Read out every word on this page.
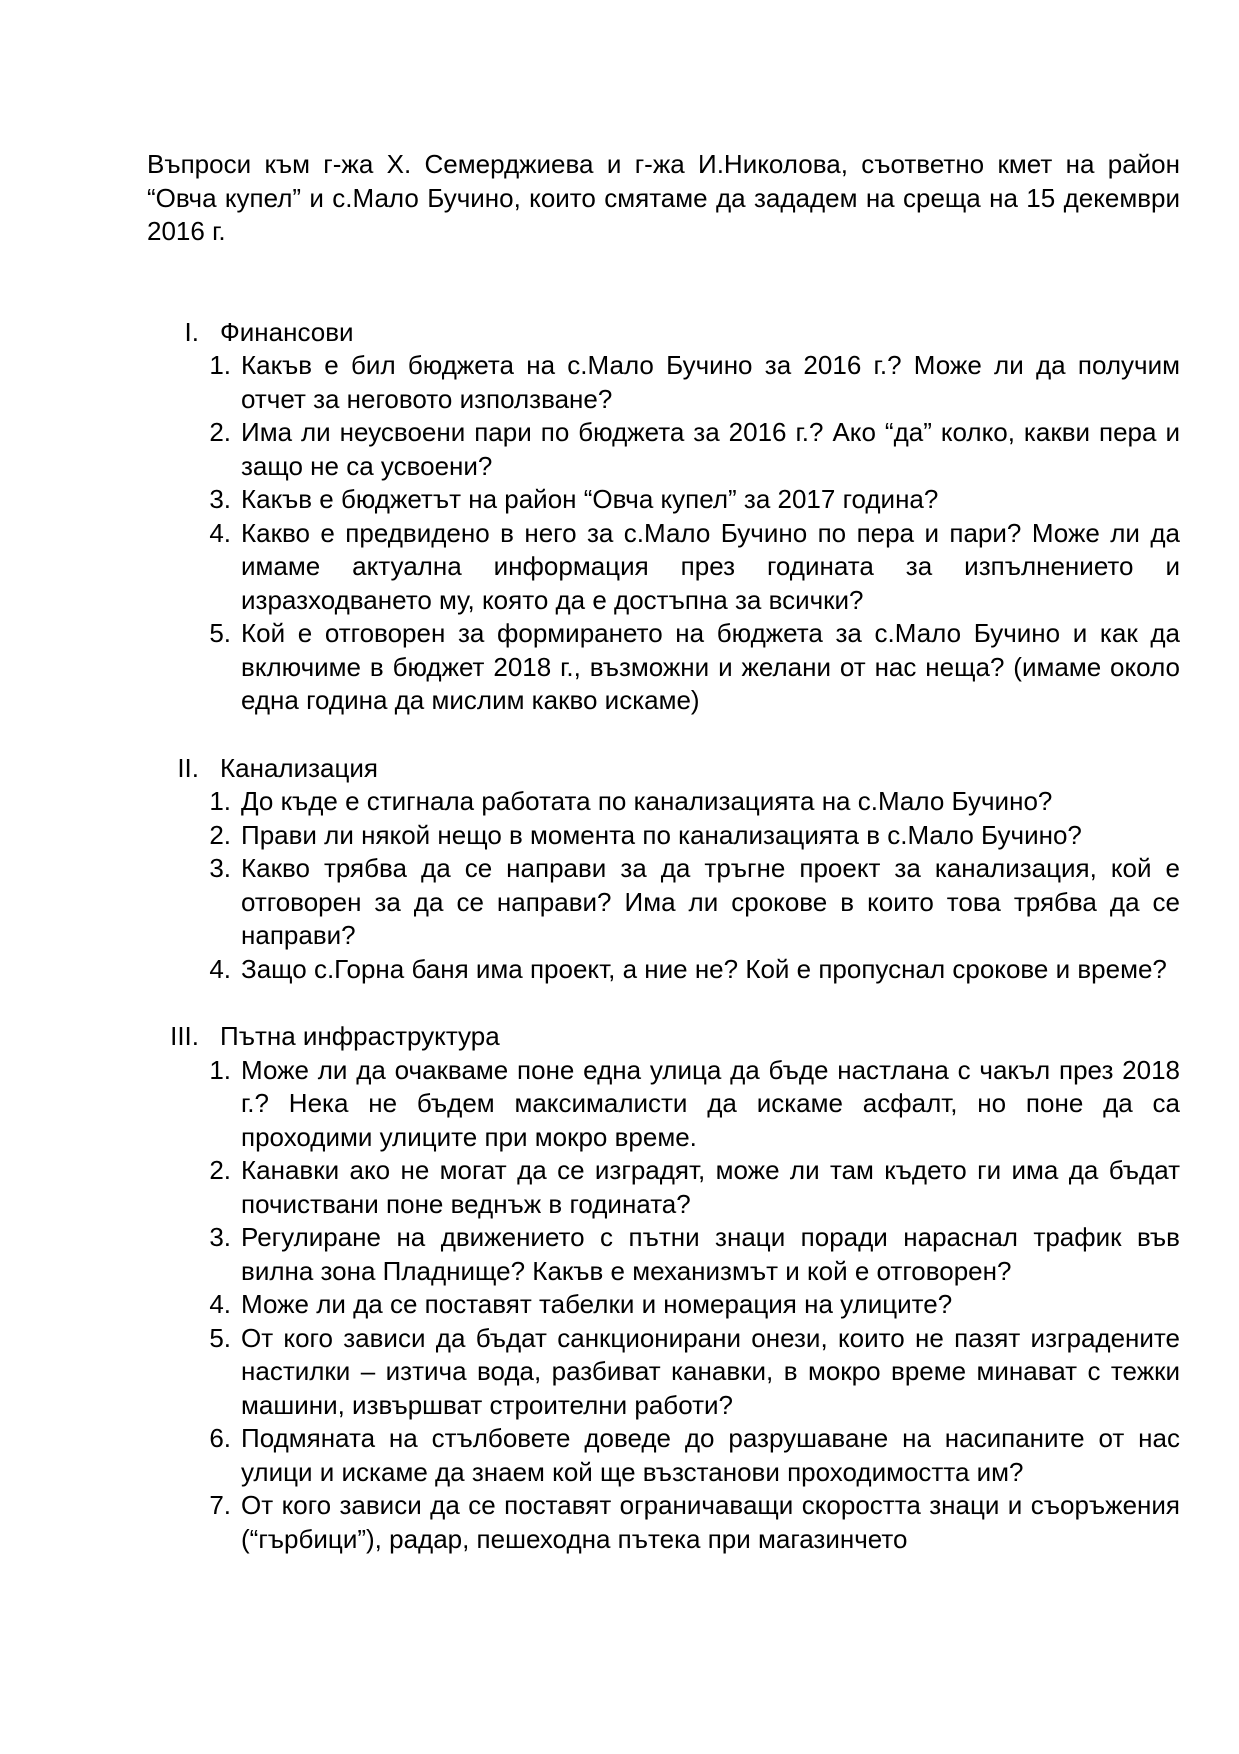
Въпроси към г-жа Х. Семерджиева и г-жа И.Николова, съответно кмет на район “Овча купел” и с.Мало Бучино, които смятаме да зададем на среща на 15 декември 2016 г.

I. Финансови
1. Какъв е бил бюджета на с.Мало Бучино за 2016 г.? Може ли да получим отчет за неговото използване?
2. Има ли неусвоени пари по бюджета за 2016 г.? Ако “да” колко, какви пера и защо не са усвоени?
3. Какъв е бюджетът на район “Овча купел” за 2017 година?
4. Какво е предвидено в него за с.Мало Бучино по пера и пари? Може ли да имаме актуална информация през годината за изпълнението и изразходването му, която да е достъпна за всички?
5. Кой е отговорен за формирането на бюджета за с.Мало Бучино и как да включиме в бюджет 2018 г., възможни и желани от нас неща? (имаме около една година да мислим какво искаме)
II. Канализация
1. До къде е стигнала работата по канализацията на с.Мало Бучино?
2. Прави ли някой нещо в момента по канализацията в с.Мало Бучино?
3. Какво трябва да се направи за да тръгне проект за канализация, кой е отговорен за да се направи? Има ли срокове в които това трябва да се направи?
4. Защо с.Горна баня има проект, а ние не? Кой е пропуснал срокове и време?
III. Пътна инфраструктура
1. Може ли да очакваме поне една улица да бъде настлана с чакъл през 2018 г.? Нека не бъдем максималисти да искаме асфалт, но поне да са проходими улиците при мокро време.
2. Канавки ако не могат да се изградят, може ли там където ги има да бъдат почиствани поне веднъж в годината?
3. Регулиране на движението с пътни знаци поради нараснал трафик във вилна зона Пладнище? Какъв е механизмът и кой е отговорен?
4. Може ли да се поставят табелки и номерация на улиците?
5. От кого зависи да бъдат санкционирани онези, които не пазят изградените настилки – изтича вода, разбиват канавки, в мокро време минават с тежки машини, извършват строителни работи?
6. Подмяната на стълбовете доведе до разрушаване на насипаните от нас улици и искаме да знаем кой ще възстанови проходимостта им?
7. От кого зависи да се поставят ограничаващи скоростта знаци и съоръжения (“гърбици”), радар, пешеходна пътека при магазинчето
